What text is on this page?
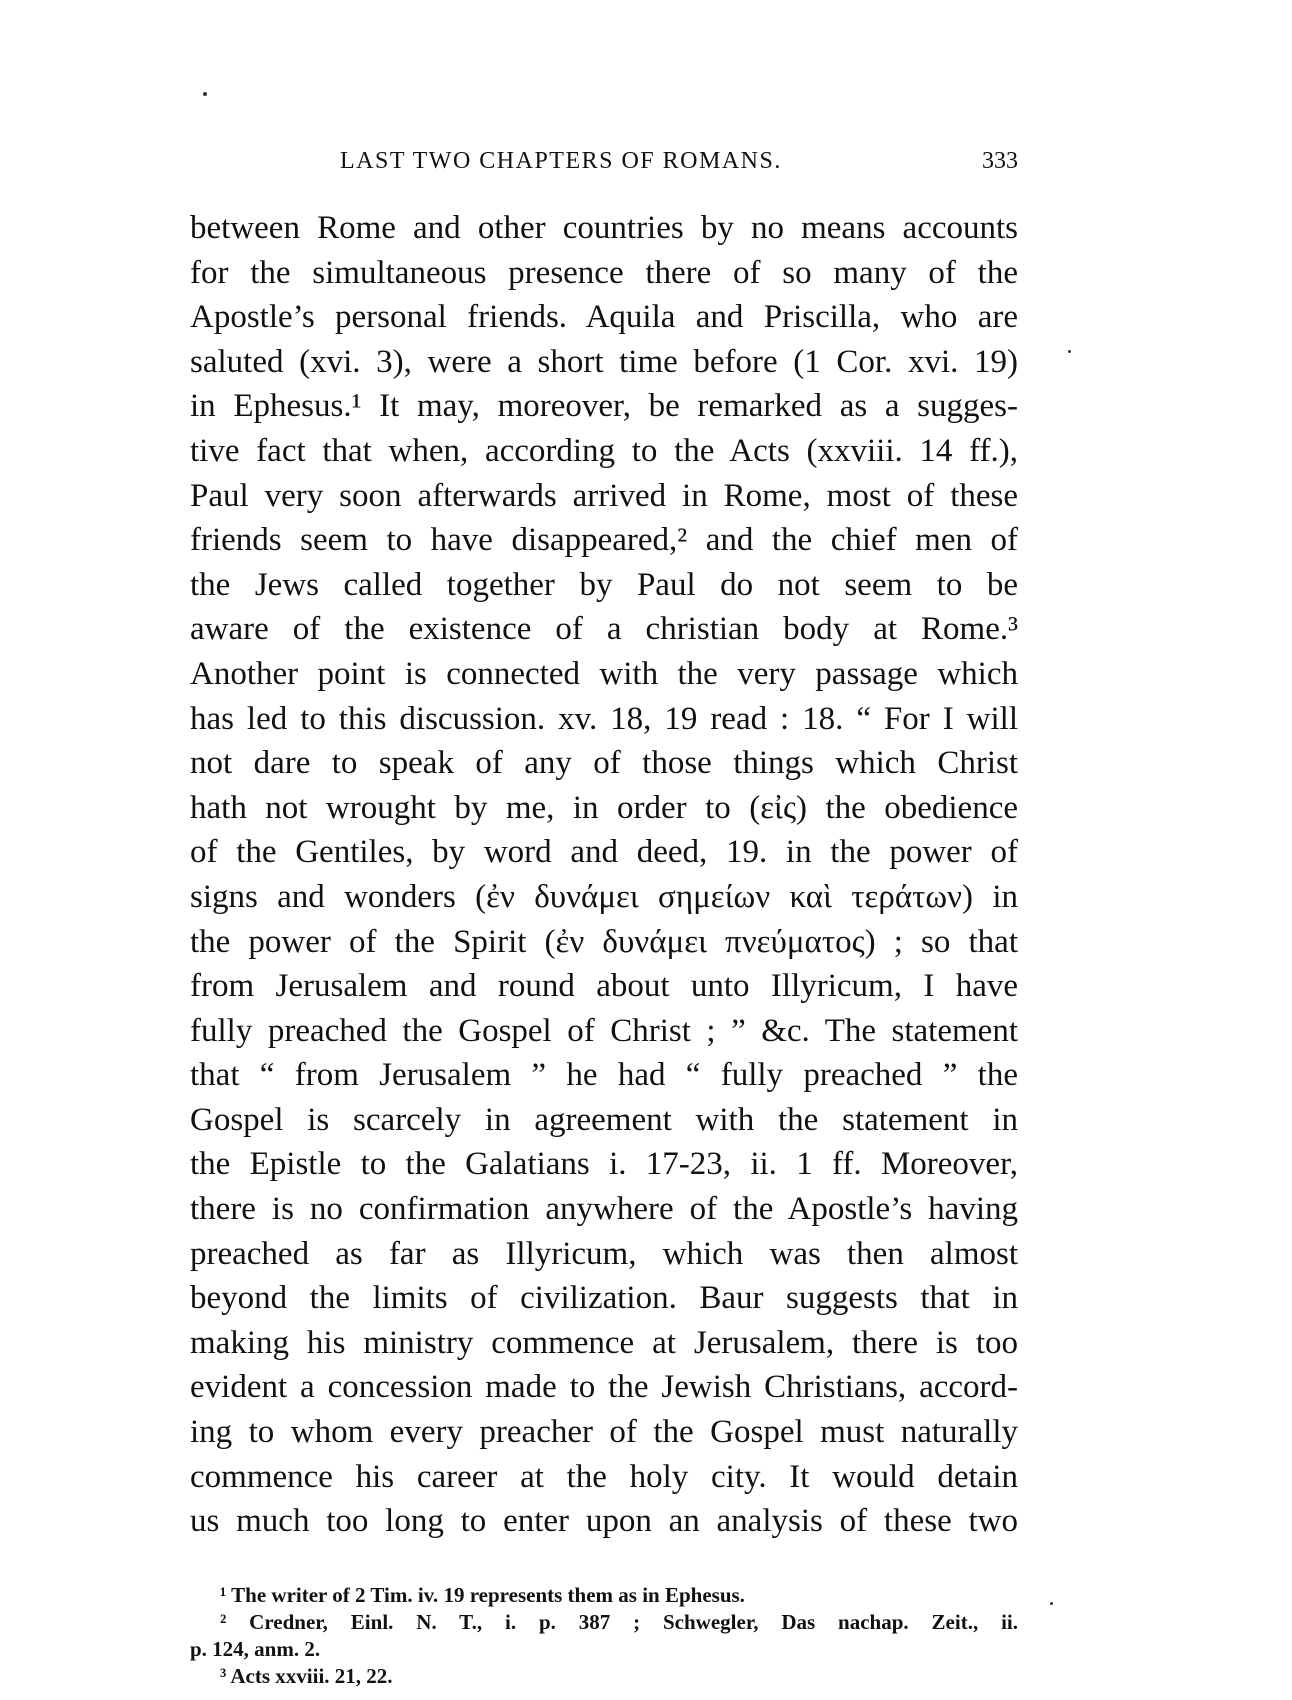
LAST TWO CHAPTERS OF ROMANS.	333
between Rome and other countries by no means accounts
for the simultaneous presence there of so many of the
Apostle’s personal friends. Aquila and Priscilla, who are
saluted (xvi. 3), were a short time before (1 Cor. xvi. 19)
in Ephesus.¹ It may, moreover, be remarked as a sugges-
tive fact that when, according to the Acts (xxviii. 14 ff.),
Paul very soon afterwards arrived in Rome, most of these
friends seem to have disappeared,² and the chief men of
the Jews called together by Paul do not seem to be
aware of the existence of a christian body at Rome.³
Another point is connected with the very passage which
has led to this discussion. xv. 18, 19 read : 18. “ For I will
not dare to speak of any of those things which Christ
hath not wrought by me, in order to (εἰς) the obedience
of the Gentiles, by word and deed, 19. in the power of
signs and wonders (ἐν δυνάμει σημείων καὶ τεράτων) in
the power of the Spirit (ἐν δυνάμει πνεύματος) ; so that
from Jerusalem and round about unto Illyricum, I have
fully preached the Gospel of Christ ; ” &c. The statement
that “ from Jerusalem ” he had “ fully preached ” the
Gospel is scarcely in agreement with the statement in
the Epistle to the Galatians i. 17-23, ii. 1 ff. Moreover,
there is no confirmation anywhere of the Apostle’s having
preached as far as Illyricum, which was then almost
beyond the limits of civilization. Baur suggests that in
making his ministry commence at Jerusalem, there is too
evident a concession made to the Jewish Christians, accord-
ing to whom every preacher of the Gospel must naturally
commence his career at the holy city. It would detain
us much too long to enter upon an analysis of these two
¹ The writer of 2 Tim. iv. 19 represents them as in Ephesus.
² Credner, Einl. N. T., i. p. 387 ; Schwegler, Das nachap. Zeit., ii.
p. 124, anm. 2.
³ Acts xxviii. 21, 22.
